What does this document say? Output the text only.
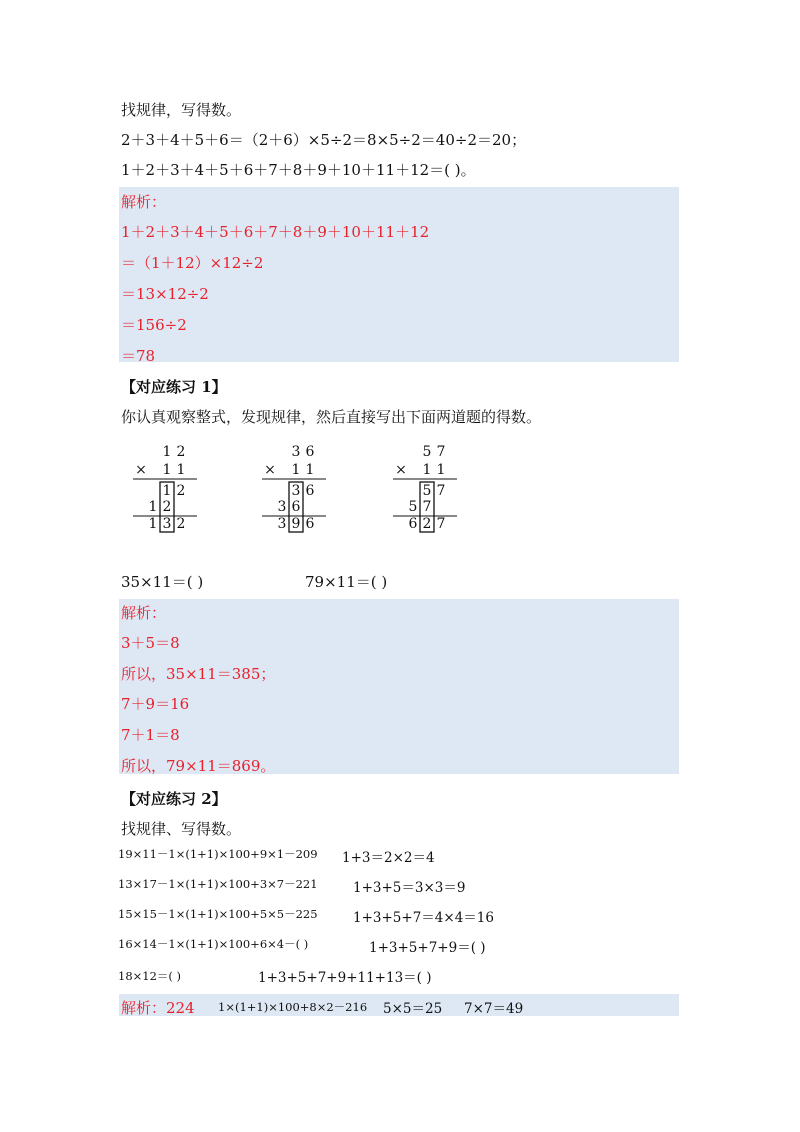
找规律，写得数。
2＋3＋4＋5＋6＝（2＋6）×5÷2＝8×5÷2＝40÷2＝20；
1＋2＋3＋4＋5＋6＋7＋8＋9＋10＋11＋12＝( )。
解析：
1＋2＋3＋4＋5＋6＋7＋8＋9＋10＋11＋12
＝（1＋12）×12÷2
＝13×12÷2
＝156÷2
＝78
【对应练习 1】
你认真观察整式，发现规律，然后直接写出下面两道题的得数。
1 2
× 1 1
1 2
1 2
1 3 2
3 6
× 1 1
3 6
3 6
3 9 6
5 7
× 1 1
5 7
5 7
6 2 7
35×11＝( )	79×11＝( )
解析：
3＋5＝8
所以，35×11＝385；
7＋9＝16
7＋1＝8
所以，79×11＝869。
【对应练习 2】
找规律、写得数。
19×11－1×(1+1)×100+9×1－209
13×17－1×(1+1)×100+3×7－221
15×15－1×(1+1)×100+5×5－225
16×14－1×(1+1)×100+6×4－( )
18×12＝( )
1+3＝2×2＝4
1+3+5＝3×3＝9
1+3+5+7＝4×4＝16
1+3+5+7+9＝( )
1+3+5+7+9+11+13＝( )
解析：224 1×(1+1)×100+8×2－216 5×5＝25 7×7＝49
